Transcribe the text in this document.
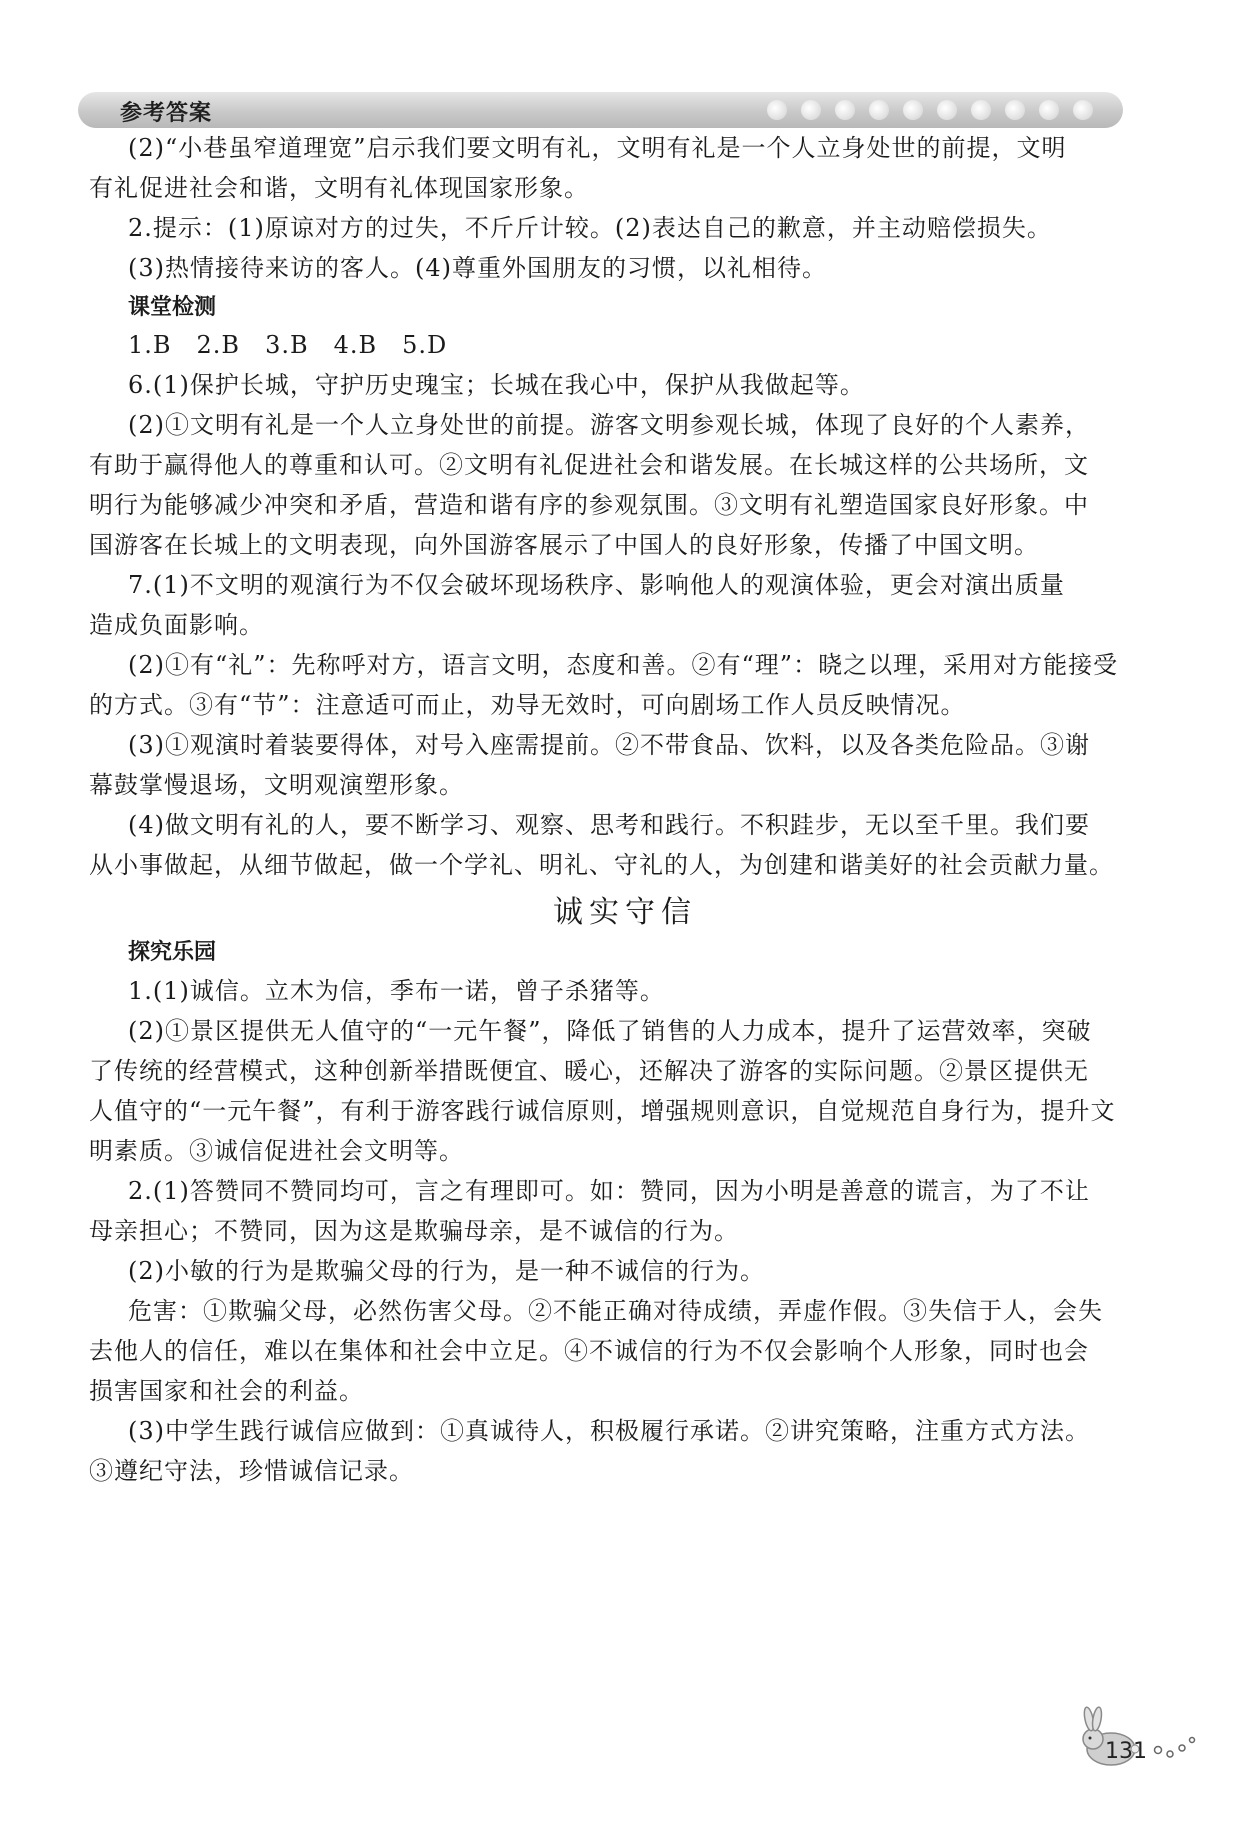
参考答案
(2)“小巷虽窄道理宽”启示我们要文明有礼，文明有礼是一个人立身处世的前提，文明
有礼促进社会和谐，文明有礼体现国家形象。
2.提示：(1)原谅对方的过失，不斤斤计较。(2)表达自己的歉意，并主动赔偿损失。
(3)热情接待来访的客人。(4)尊重外国朋友的习惯，以礼相待。
课堂检测
1.B　2.B　3.B　4.B　5.D
6.(1)保护长城，守护历史瑰宝；长城在我心中，保护从我做起等。
(2)①文明有礼是一个人立身处世的前提。游客文明参观长城，体现了良好的个人素养，
有助于赢得他人的尊重和认可。②文明有礼促进社会和谐发展。在长城这样的公共场所，文
明行为能够减少冲突和矛盾，营造和谐有序的参观氛围。③文明有礼塑造国家良好形象。中
国游客在长城上的文明表现，向外国游客展示了中国人的良好形象，传播了中国文明。
7.(1)不文明的观演行为不仅会破坏现场秩序、影响他人的观演体验，更会对演出质量
造成负面影响。
(2)①有“礼”：先称呼对方，语言文明，态度和善。②有“理”：晓之以理，采用对方能接受
的方式。③有“节”：注意适可而止，劝导无效时，可向剧场工作人员反映情况。
(3)①观演时着装要得体，对号入座需提前。②不带食品、饮料，以及各类危险品。③谢
幕鼓掌慢退场，文明观演塑形象。
(4)做文明有礼的人，要不断学习、观察、思考和践行。不积跬步，无以至千里。我们要
从小事做起，从细节做起，做一个学礼、明礼、守礼的人，为创建和谐美好的社会贡献力量。
诚实守信
探究乐园
1.(1)诚信。立木为信，季布一诺，曾子杀猪等。
(2)①景区提供无人值守的“一元午餐”，降低了销售的人力成本，提升了运营效率，突破
了传统的经营模式，这种创新举措既便宜、暖心，还解决了游客的实际问题。②景区提供无
人值守的“一元午餐”，有利于游客践行诚信原则，增强规则意识，自觉规范自身行为，提升文
明素质。③诚信促进社会文明等。
2.(1)答赞同不赞同均可，言之有理即可。如：赞同，因为小明是善意的谎言，为了不让
母亲担心；不赞同，因为这是欺骗母亲，是不诚信的行为。
(2)小敏的行为是欺骗父母的行为，是一种不诚信的行为。
危害：①欺骗父母，必然伤害父母。②不能正确对待成绩，弄虚作假。③失信于人，会失
去他人的信任，难以在集体和社会中立足。④不诚信的行为不仅会影响个人形象，同时也会
损害国家和社会的利益。
(3)中学生践行诚信应做到：①真诚待人，积极履行承诺。②讲究策略，注重方式方法。
③遵纪守法，珍惜诚信记录。
131
